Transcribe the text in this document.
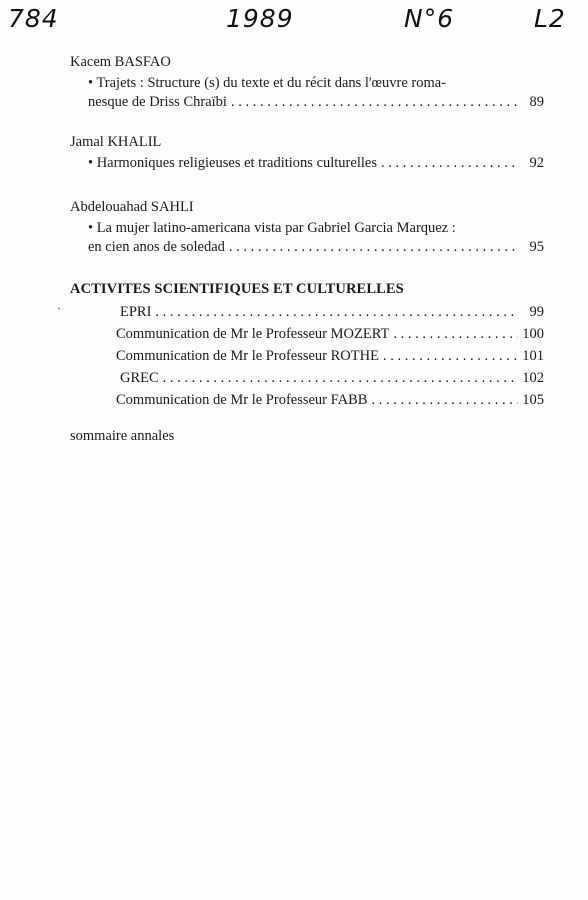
784	1989	N°6	L2
Kacem BASFAO
• Trajets : Structure (s) du texte et du récit dans l'œuvre roma-
nesque de Driss Chraïbi . . .	89
Jamal KHALIL
• Harmoniques religieuses et traditions culturelles . . .	92
Abdelouahad SAHLI
• La mujer latino-americana vista par Gabriel Garcia Marquez :
en cien anos de soledad . . .	95
ACTIVITES SCIENTIFIQUES ET CULTURELLES
`	EPRI . . .	99
Communication de Mr le Professeur MOZERT . . .	100
Communication de Mr le Professeur ROTHE . . .	101
GREC . . .	102
Communication de Mr le Professeur FABB . . .	105
sommaire annales
